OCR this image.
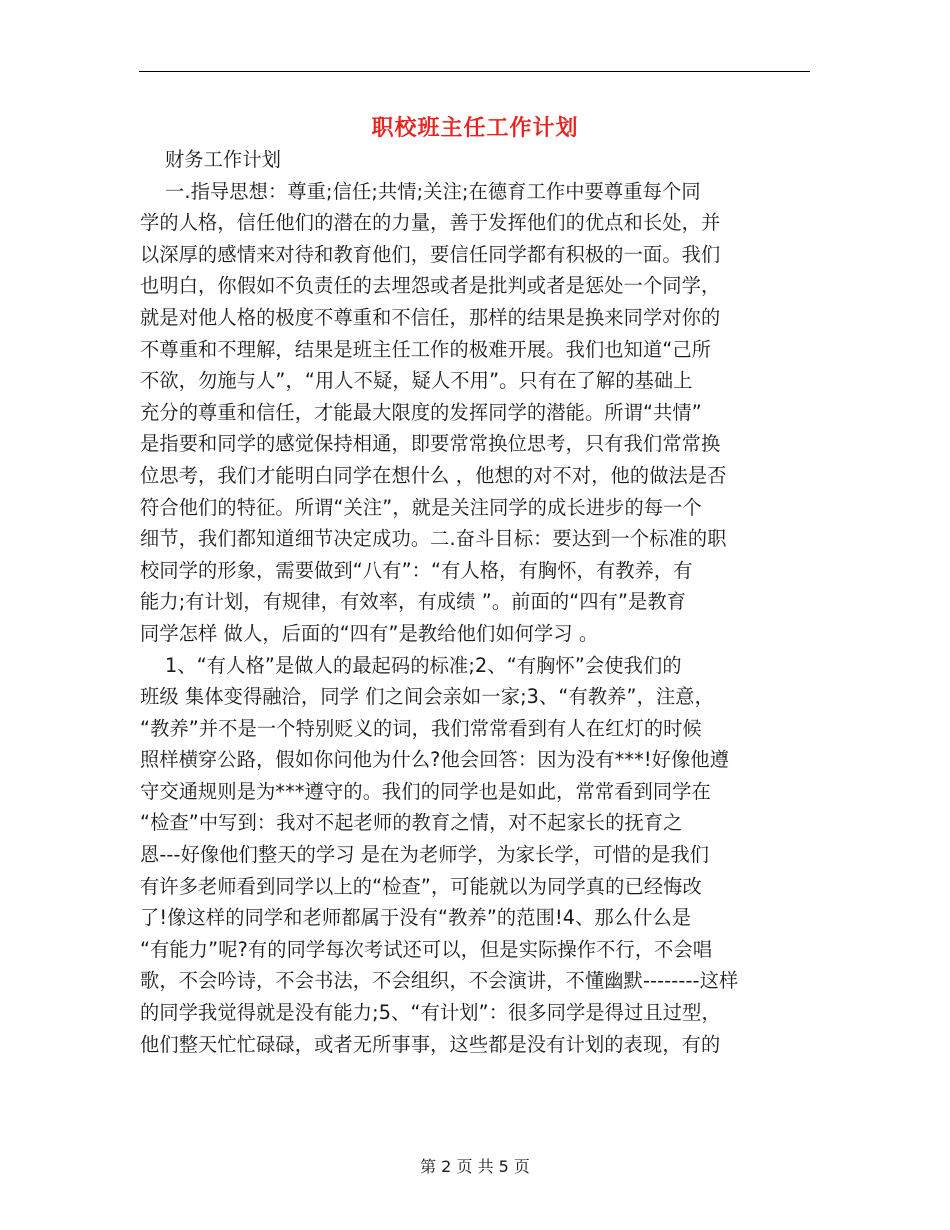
职校班主任工作计划
财务工作计划
一.指导思想：尊重;信任;共情;关注;在德育工作中要尊重每个同
学的人格，信任他们的潜在的力量，善于发挥他们的优点和长处，并
以深厚的感情来对待和教育他们，要信任同学都有积极的一面。我们
也明白，你假如不负责任的去埋怨或者是批判或者是惩处一个同学，
就是对他人格的极度不尊重和不信任，那样的结果是换来同学对你的
不尊重和不理解，结果是班主任工作的极难开展。我们也知道“己所
不欲，勿施与人”，“用人不疑，疑人不用”。只有在了解的基础上
充分的尊重和信任，才能最大限度的发挥同学的潜能。所谓“共情”
是指要和同学的感觉保持相通，即要常常换位思考，只有我们常常换
位思考，我们才能明白同学在想什么 ，他想的对不对，他的做法是否
符合他们的特征。所谓“关注”，就是关注同学的成长进步的每一个
细节，我们都知道细节决定成功。二.奋斗目标：要达到一个标准的职
校同学的形象，需要做到“八有”：“有人格，有胸怀，有教养，有
能力;有计划，有规律，有效率，有成绩 ”。前面的“四有”是教育
同学怎样 做人，后面的“四有”是教给他们如何学习 。
1、“有人格”是做人的最起码的标准;2、“有胸怀”会使我们的
班级 集体变得融洽，同学 们之间会亲如一家;3、“有教养”，注意，
“教养”并不是一个特别贬义的词，我们常常看到有人在红灯的时候
照样横穿公路，假如你问他为什么?他会回答：因为没有***!好像他遵
守交通规则是为***遵守的。我们的同学也是如此，常常看到同学在
“检查”中写到：我对不起老师的教育之情，对不起家长的抚育之
恩---好像他们整天的学习 是在为老师学，为家长学，可惜的是我们
有许多老师看到同学以上的“检查”，可能就以为同学真的已经悔改
了!像这样的同学和老师都属于没有“教养”的范围!4、那么什么是
“有能力”呢?有的同学每次考试还可以，但是实际操作不行，不会唱
歌，不会吟诗，不会书法，不会组织，不会演讲，不懂幽默--------这样
的同学我觉得就是没有能力;5、“有计划”：很多同学是得过且过型，
他们整天忙忙碌碌，或者无所事事，这些都是没有计划的表现，有的
第 2 页 共 5 页
